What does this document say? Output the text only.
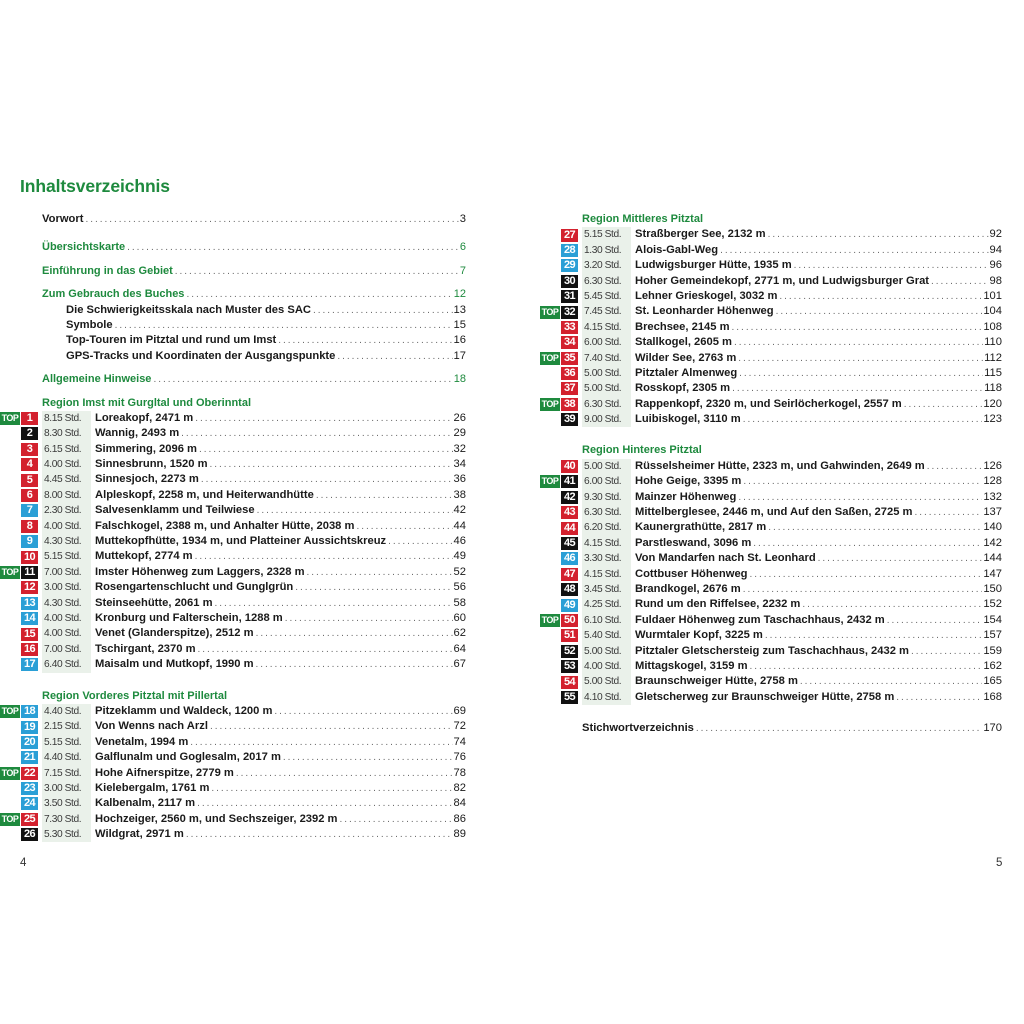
Inhaltsverzeichnis
Vorwort . . .	3
Übersichtskarte . . .	6
Einführung in das Gebiet . . .	7
Zum Gebrauch des Buches . . .	12
Die Schwierigkeitsskala nach Muster des SAC . . .	13
Symbole . . .	15
Top-Touren im Pitztal und rund um Imst . . .	16
GPS-Tracks und Koordinaten der Ausgangspunkte . . .	17
Allgemeine Hinweise . . .	18
Region Imst mit Gurgltal und Oberinntal
TOP 1	8.15 Std.	Loreakopf, 2471 m . . .	26
2	8.30 Std.	Wannig, 2493 m . . .	29
3	6.15 Std.	Simmering, 2096 m . . .	32
4	4.00 Std.	Sinnesbrunn, 1520 m . . .	34
5	4.45 Std.	Sinnesjoch, 2273 m . . .	36
6	8.00 Std.	Alpleskopf, 2258 m, und Heiterwandhütte . . .	38
7	2.30 Std.	Salvesenklamm und Teilwiese . . .	42
8	4.00 Std.	Falschkogel, 2388 m, und Anhalter Hütte, 2038 m . . .	44
9	4.30 Std.	Muttekopfhütte, 1934 m, und Platteiner Aussichtskreuz . . .	46
10 5.15 Std.	Muttekopf, 2774 m . . .	49
TOP 11 7.00 Std.	Imster Höhenweg zum Laggers, 2328 m . . .	52
12 3.00 Std.	Rosengartenschlucht und Gunglgrün . . .	56
13 4.30 Std.	Steinseehütte, 2061 m . . .	58
14 4.00 Std.	Kronburg und Falterschein, 1288 m . . .	60
15 4.00 Std.	Venet (Glanderspitze), 2512 m . . .	62
16 7.00 Std.	Tschirgant, 2370 m . . .	64
17 6.40 Std.	Maisalm und Mutkopf, 1990 m . . .	67
Region Vorderes Pitztal mit Pillertal
TOP 18 4.40 Std.	Pitzeklamm und Waldeck, 1200 m . . .	69
19 2.15 Std.	Von Wenns nach Arzl . . .	72
20 5.15 Std.	Venetalm, 1994 m . . .	74
21 4.40 Std.	Galflunalm und Goglesalm, 2017 m . . .	76
TOP 22 7.15 Std.	Hohe Aifnerspitze, 2779 m . . .	78
23 3.00 Std.	Kielebergalm, 1761 m . . .	82
24 3.50 Std.	Kalbenalm, 2117 m . . .	84
TOP 25 7.30 Std.	Hochzeiger, 2560 m, und Sechszeiger, 2392 m . . .	86
26 5.30 Std.	Wildgrat, 2971 m . . .	89
4
Region Mittleres Pitztal
27 5.15 Std.	Straßberger See, 2132 m . . .	92
28 1.30 Std.	Alois-Gabl-Weg . . .	94
29 3.20 Std.	Ludwigsburger Hütte, 1935 m . . .	96
30 6.30 Std.	Hoher Gemeindekopf, 2771 m, und Ludwigsburger Grat . . .	98
31 5.45 Std.	Lehner Grieskogel, 3032 m . . .	101
TOP 32 7.45 Std.	St. Leonharder Höhenweg . . .	104
33 4.15 Std.	Brechsee, 2145 m . . .	108
34 6.00 Std.	Stallkogel, 2605 m . . .	110
TOP 35 7.40 Std.	Wilder See, 2763 m . . .	112
36 5.00 Std.	Pitztaler Almenweg . . .	115
37 5.00 Std.	Rosskopf, 2305 m . . .	118
TOP 38 6.30 Std.	Rappenkopf, 2320 m, und Seirlöcherkogel, 2557 m . . .	120
39 9.00 Std.	Luibiskogel, 3110 m . . .	123
Region Hinteres Pitztal
40 5.00 Std.	Rüsselsheimer Hütte, 2323 m, und Gahwinden, 2649 m . . .	126
TOP 41 6.00 Std.	Hohe Geige, 3395 m . . .	128
42 9.30 Std.	Mainzer Höhenweg . . .	132
43 6.30 Std.	Mittelberglesee, 2446 m, und Auf den Saßen, 2725 m . . .	137
44 6.20 Std.	Kaunergrathütte, 2817 m . . .	140
45 4.15 Std.	Parstleswand, 3096 m . . .	142
46 3.30 Std.	Von Mandarfen nach St. Leonhard . . .	144
47 4.15 Std.	Cottbuser Höhenweg . . .	147
48 3.45 Std.	Brandkogel, 2676 m . . .	150
49 4.25 Std.	Rund um den Riffelsee, 2232 m . . .	152
TOP 50 6.10 Std.	Fuldaer Höhenweg zum Taschachhaus, 2432 m . . .	154
51 5.40 Std.	Wurmtaler Kopf, 3225 m . . .	157
52 5.00 Std.	Pitztaler Gletschersteig zum Taschachhaus, 2432 m . . .	159
53 4.00 Std.	Mittagskogel, 3159 m . . .	162
54 5.00 Std.	Braunschweiger Hütte, 2758 m . . .	165
55 4.10 Std.	Gletscherweg zur Braunschweiger Hütte, 2758 m . . .	168
Stichwortverzeichnis . . .	170
5
